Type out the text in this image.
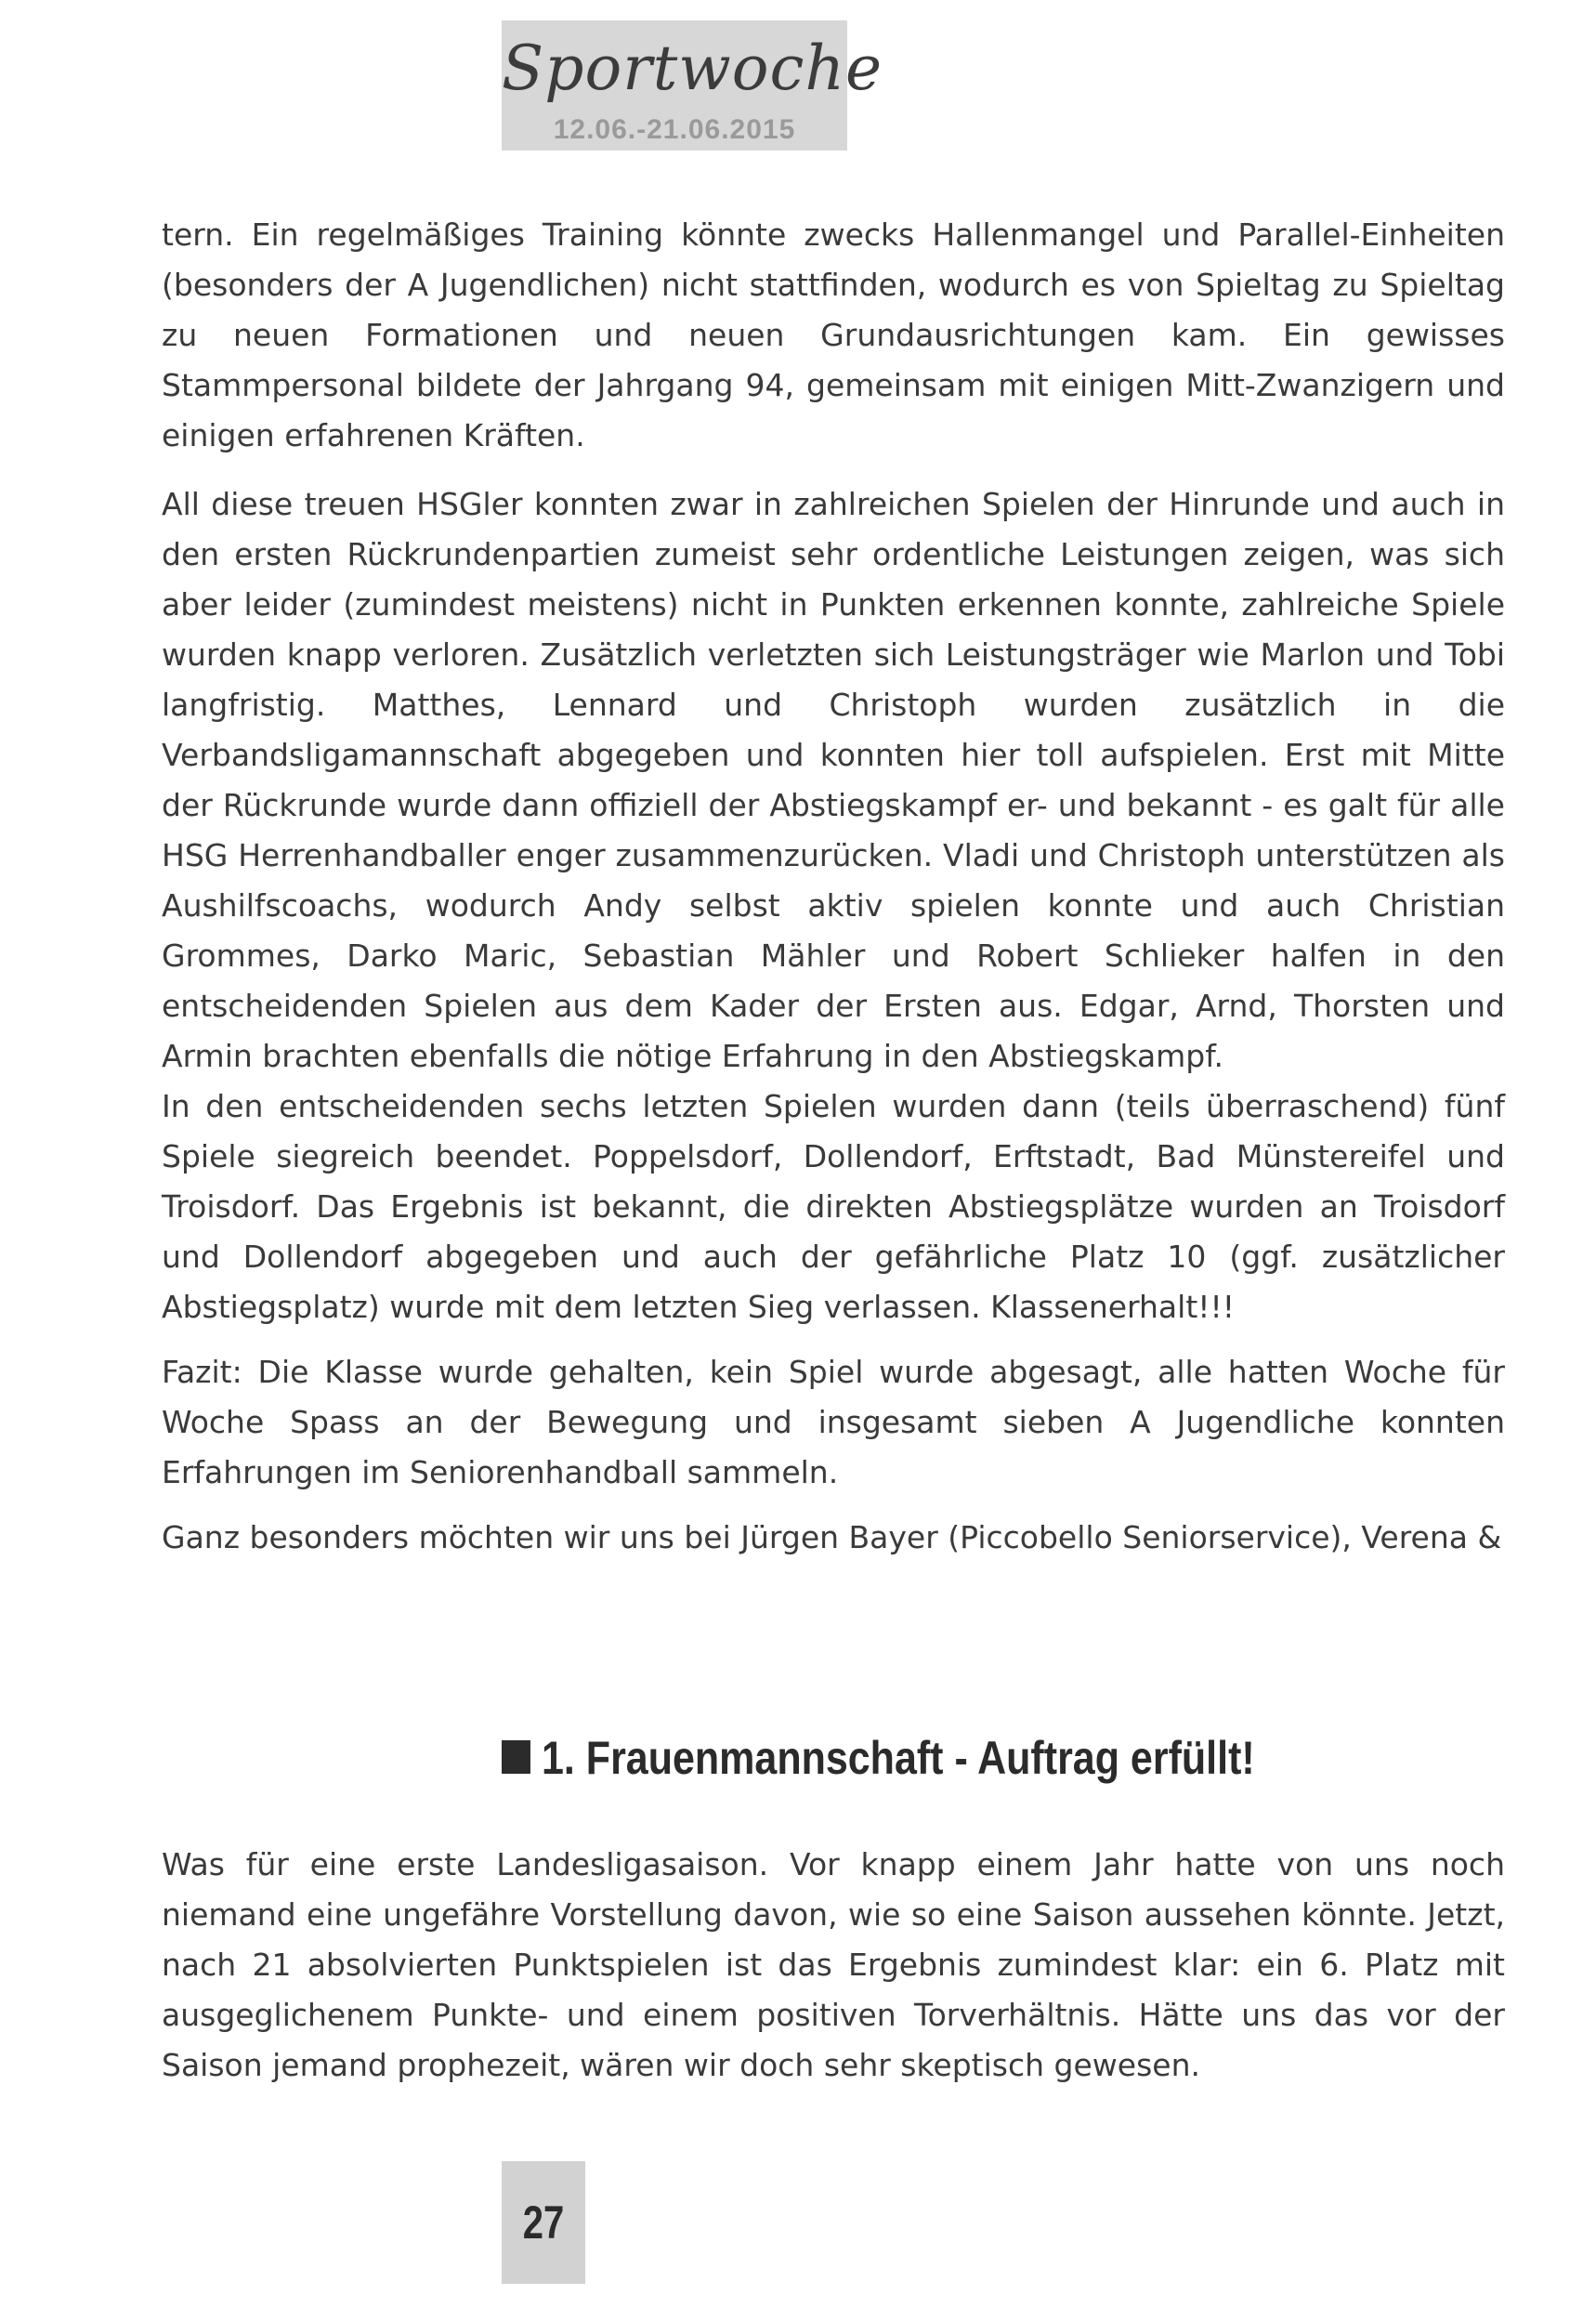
Sportwoche
12.06.-21.06.2015

tern. Ein regelmäßiges Training könnte zwecks Hallenmangel und Parallel-Einheiten (besonders der A Jugendlichen) nicht stattfinden, wodurch es von Spieltag zu Spieltag zu neuen Formationen und neuen Grundausrichtungen kam. Ein gewisses Stammpersonal bildete der Jahrgang 94, gemeinsam mit einigen Mitt-Zwanzigern und einigen erfahrenen Kräften.

All diese treuen HSGler konnten zwar in zahlreichen Spielen der Hinrunde und auch in den ersten Rückrundenpartien zumeist sehr ordentliche Leistungen zeigen, was sich aber leider (zumindest meistens) nicht in Punkten erkennen konnte, zahlreiche Spiele wurden knapp verloren. Zusätzlich verletzten sich Leistungsträger wie Marlon und Tobi langfristig. Matthes, Lennard und Christoph wurden zusätzlich in die Verbandsligamannschaft abgegeben und konnten hier toll aufspielen. Erst mit Mitte der Rückrunde wurde dann offiziell der Abstiegskampf er- und bekannt - es galt für alle HSG Herrenhandballer enger zusammenzurücken. Vladi und Christoph unterstützen als Aushilfscoachs, wodurch Andy selbst aktiv spielen konnte und auch Christian Grommes, Darko Maric, Sebastian Mähler und Robert Schlieker halfen in den entscheidenden Spielen aus dem Kader der Ersten aus. Edgar, Arnd, Thorsten und Armin brachten ebenfalls die nötige Erfahrung in den Abstiegskampf.

In den entscheidenden sechs letzten Spielen wurden dann (teils überraschend) fünf Spiele siegreich beendet. Poppelsdorf, Dollendorf, Erftstadt, Bad Münstereifel und Troisdorf. Das Ergebnis ist bekannt, die direkten Abstiegsplätze wurden an Troisdorf und Dollendorf abgegeben und auch der gefährliche Platz 10 (ggf. zusätzlicher Abstiegsplatz) wurde mit dem letzten Sieg verlassen. Klassenerhalt!!!

Fazit: Die Klasse wurde gehalten, kein Spiel wurde abgesagt, alle hatten Woche für Woche Spass an der Bewegung und insgesamt sieben A Jugendliche konnten Erfahrungen im Seniorenhandball sammeln.

Ganz besonders möchten wir uns bei Jürgen Bayer (Piccobello Seniorservice), Verena &

1. Frauenmannschaft - Auftrag erfüllt!

Was für eine erste Landesligasaison. Vor knapp einem Jahr hatte von uns noch niemand eine ungefähre Vorstellung davon, wie so eine Saison aussehen könnte. Jetzt, nach 21 absolvierten Punktspielen ist das Ergebnis zumindest klar: ein 6. Platz mit ausgeglichenem Punkte- und einem positiven Torverhältnis. Hätte uns das vor der Saison jemand prophezeit, wären wir doch sehr skeptisch gewesen.

27
